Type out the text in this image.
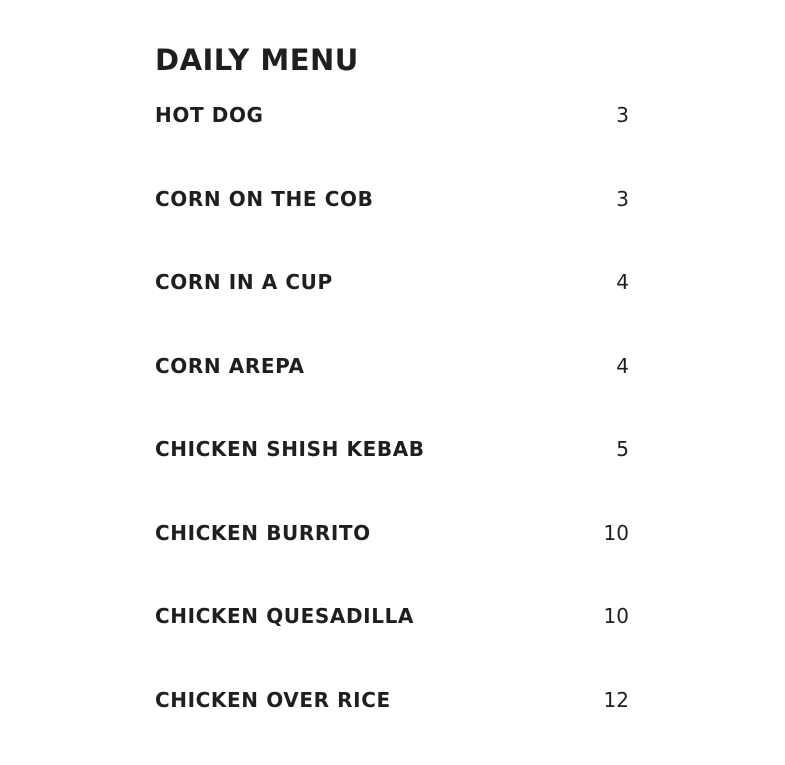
DAILY MENU
HOT DOG	3
CORN ON THE COB	3
CORN IN A CUP	4
CORN AREPA	4
CHICKEN SHISH KEBAB	5
CHICKEN BURRITO	10
CHICKEN QUESADILLA	10
CHICKEN OVER RICE	12
